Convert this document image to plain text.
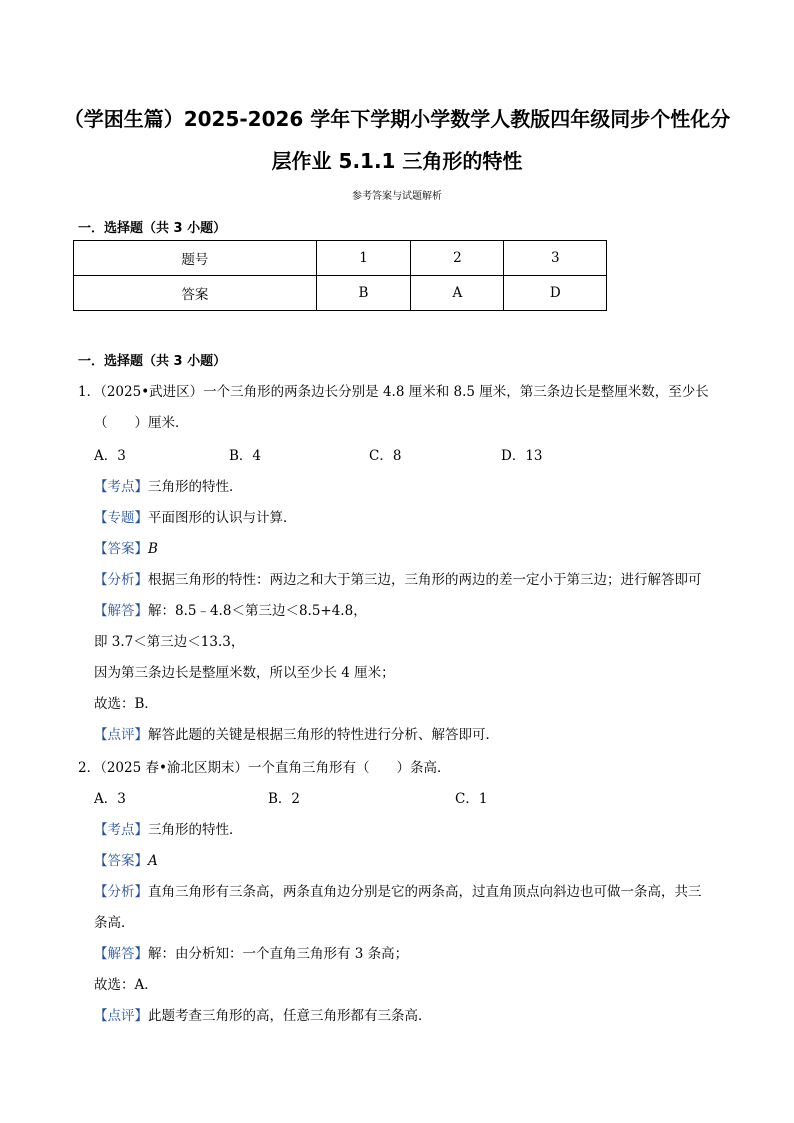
（学困生篇）2025-2026 学年下学期小学数学人教版四年级同步个性化分
层作业 5.1.1 三角形的特性
参考答案与试题解析
一．选择题（共 3 小题）
题号	1	2	3
答案	B	A	D
一．选择题（共 3 小题）
1．（2025•武进区）一个三角形的两条边长分别是 4.8 厘米和 8.5 厘米，第三条边长是整厘米数，至少长
（　　）厘米．
A．3	B．4	C．8	D．13
【考点】三角形的特性．
【专题】平面图形的认识与计算．
【答案】B
【分析】根据三角形的特性：两边之和大于第三边，三角形的两边的差一定小于第三边；进行解答即可
【解答】解：8.5﹣4.8＜第三边＜8.5+4.8，
即 3.7＜第三边＜13.3，
因为第三条边长是整厘米数，所以至少长 4 厘米；
故选：B．
【点评】解答此题的关键是根据三角形的特性进行分析、解答即可．
2．（2025 春•渝北区期末）一个直角三角形有（　　）条高．
A．3	B．2	C．1
【考点】三角形的特性．
【答案】A
【分析】直角三角形有三条高，两条直角边分别是它的两条高，过直角顶点向斜边也可做一条高，共三
条高．
【解答】解：由分析知：一个直角三角形有 3 条高；
故选：A．
【点评】此题考查三角形的高，任意三角形都有三条高．
